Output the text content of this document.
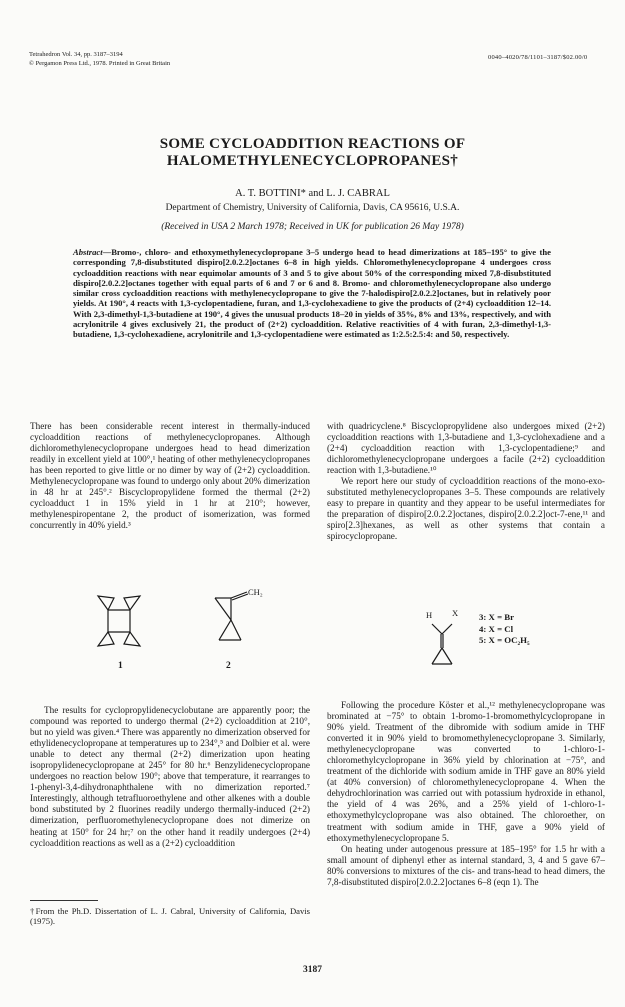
Tetrahedron Vol. 34, pp. 3187–3194
© Pergamon Press Ltd., 1978. Printed in Great Britain
0040–4020/78/1101–3187/$02.00/0
SOME CYCLOADDITION REACTIONS OF
HALOMETHYLENECYCLOPROPANES†
A. T. BOTTINI* and L. J. CABRAL
Department of Chemistry, University of California, Davis, CA 95616, U.S.A.
(Received in USA 2 March 1978; Received in UK for publication 26 May 1978)
Abstract—Bromo-, chloro- and ethoxymethylenecyclopropane 3–5 undergo head to head dimerizations at 185–195° to give the corresponding 7,8-disubstituted dispiro[2.0.2.2]octanes 6–8 in high yields. Chloromethylenecyclopropane 4 undergoes cross cycloaddition reactions with near equimolar amounts of 3 and 5 to give about 50% of the corresponding mixed 7,8-disubstituted dispiro[2.0.2.2]octanes together with equal parts of 6 and 7 or 6 and 8. Bromo- and chloromethylenecyclopropane also undergo similar cross cycloaddition reactions with methylenecyclopropane to give the 7-halodispiro[2.0.2.2]octanes, but in relatively poor yields. At 190°, 4 reacts with 1,3-cyclopentadiene, furan, and 1,3-cyclohexadiene to give the products of (2+4) cycloaddition 12–14. With 2,3-dimethyl-1,3-butadiene at 190°, 4 gives the unusual products 18–20 in yields of 35%, 8% and 13%, respectively, and with acrylonitrile 4 gives exclusively 21, the product of (2+2) cycloaddition. Relative reactivities of 4 with furan, 2,3-dimethyl-1,3-butadiene, 1,3-cyclohexadiene, acrylonitrile and 1,3-cyclopentadiene were estimated as 1:2.5:2.5:4: and 50, respectively.

There has been considerable recent interest in thermally-induced cycloaddition reactions of methylenecyclopropanes. Although dichloromethylenecyclopropane undergoes head to head dimerization readily in excellent yield at 100°,¹ heating of other methylenecyclopropanes has been reported to give little or no dimer by way of (2+2) cycloaddition. Methylenecyclopropane was found to undergo only about 20% dimerization in 48 hr at 245°.² Biscyclopropylidene formed the thermal (2+2) cycloadduct 1 in 15% yield in 1 hr at 210°; however, methylenespiropentane 2, the product of isomerization, was formed concurrently in 40% yield.³

with quadricyclene.⁸ Biscyclopropylidene also undergoes mixed (2+2) cycloaddition reactions with 1,3-butadiene and 1,3-cyclohexadiene and a (2+4) cycloaddition reaction with 1,3-cyclopentadiene;⁹ and dichloromethylenecyclopropane undergoes a facile (2+2) cycloaddition reaction with 1,3-butadiene.¹⁰

We report here our study of cycloaddition reactions of the mono-exo-substituted methylenecyclopropanes 3–5. These compounds are relatively easy to prepare in quantity and they appear to be useful intermediates for the preparation of dispiro[2.0.2.2]octanes, dispiro[2.0.2.2]oct-7-ene,¹¹ and spiro[2.3]hexanes, as well as other systems that contain a spirocyclopropane.

1
CH₂
2
H X 3: X = Br
4: X = Cl
5: X = OC₂H₅

The results for cyclopropylidenecyclobutane are apparently poor; the compound was reported to undergo thermal (2+2) cycloaddition at 210°, but no yield was given.⁴ There was apparently no dimerization observed for ethylidenecyclopropane at temperatures up to 234°,⁵ and Dolbier et al. were unable to detect any thermal (2+2) dimerization upon heating isopropylidenecyclopropane at 245° for 80 hr.⁶ Benzylidenecyclopropane undergoes no reaction below 190°; above that temperature, it rearranges to 1-phenyl-3,4-dihydronaphthalene with no dimerization reported.⁷ Interestingly, although tetrafluoroethylene and other alkenes with a double bond substituted by 2 fluorines readily undergo thermally-induced (2+2) dimerization, perfluoromethylenecyclopropane does not dimerize on heating at 150° for 24 hr;⁷ on the other hand it readily undergoes (2+4) cycloaddition reactions as well as a (2+2) cycloaddition

Following the procedure Köster et al.,¹² methylenecyclopropane was brominated at −75° to obtain 1-bromo-1-bromomethylcyclopropane in 90% yield. Treatment of the dibromide with sodium amide in THF converted it in 90% yield to bromomethylenecyclopropane 3. Similarly, methylenecyclopropane was converted to 1-chloro-1-chloromethylcyclopropane in 36% yield by chlorination at −75°, and treatment of the dichloride with sodium amide in THF gave an 80% yield (at 40% conversion) of chloromethylenecyclopropane 4. When the dehydrochlorination was carried out with potassium hydroxide in ethanol, the yield of 4 was 26%, and a 25% yield of 1-chloro-1-ethoxymethylcyclopropane was also obtained. The chloroether, on treatment with sodium amide in THF, gave a 90% yield of ethoxymethylenecyclopropane 5.

On heating under autogenous pressure at 185–195° for 1.5 hr with a small amount of diphenyl ether as internal standard, 3, 4 and 5 gave 67–80% conversions to mixtures of the cis- and trans-head to head dimers, the 7,8-disubstituted dispiro[2.0.2.2]octanes 6–8 (eqn 1). The

†From the Ph.D. Dissertation of L. J. Cabral, University of California, Davis (1975).
3187
